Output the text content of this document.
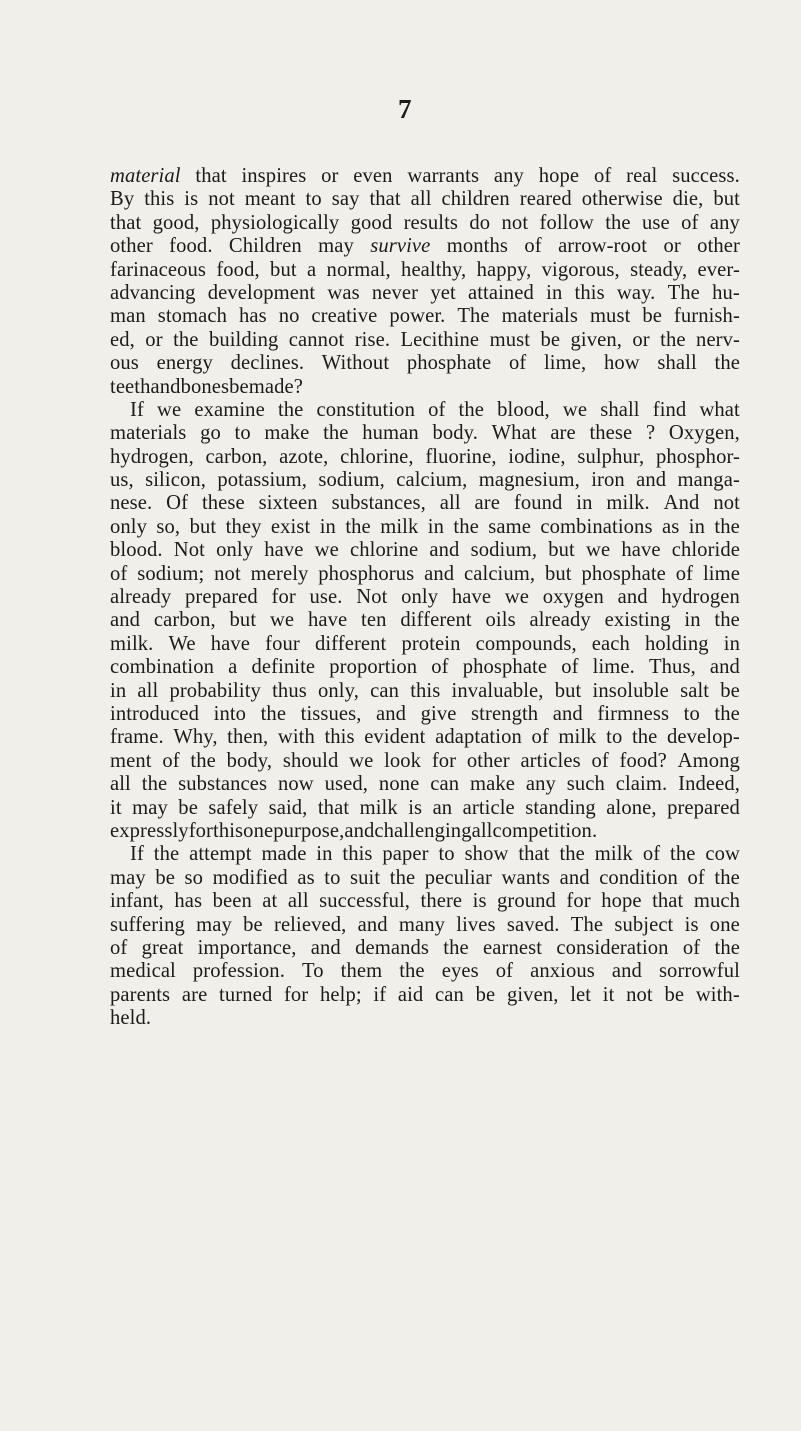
7
material that inspires or even warrants any hope of real success.
By this is not meant to say that all children reared otherwise die, but
that good, physiologically good results do not follow the use of any
other food. Children may survive months of arrow-root or other
farinaceous food, but a normal, healthy, happy, vigorous, steady, ever-
advancing development was never yet attained in this way. The hu-
man stomach has no creative power. The materials must be furnish-
ed, or the building cannot rise. Lecithine must be given, or the nerv-
ous energy declines. Without phosphate of lime, how shall the
teeth and bones be made?
If we examine the constitution of the blood, we shall find what
materials go to make the human body. What are these ? Oxygen,
hydrogen, carbon, azote, chlorine, fluorine, iodine, sulphur, phosphor-
us, silicon, potassium, sodium, calcium, magnesium, iron and manga-
nese. Of these sixteen substances, all are found in milk. And not
only so, but they exist in the milk in the same combinations as in the
blood. Not only have we chlorine and sodium, but we have chloride
of sodium; not merely phosphorus and calcium, but phosphate of lime
already prepared for use. Not only have we oxygen and hydrogen
and carbon, but we have ten different oils already existing in the
milk. We have four different protein compounds, each holding in
combination a definite proportion of phosphate of lime. Thus, and
in all probability thus only, can this invaluable, but insoluble salt be
introduced into the tissues, and give strength and firmness to the
frame. Why, then, with this evident adaptation of milk to the develop-
ment of the body, should we look for other articles of food? Among
all the substances now used, none can make any such claim. Indeed,
it may be safely said, that milk is an article standing alone, prepared
expressly for this one purpose, and challenging all competition.
If the attempt made in this paper to show that the milk of the cow
may be so modified as to suit the peculiar wants and condition of the
infant, has been at all successful, there is ground for hope that much
suffering may be relieved, and many lives saved. The subject is one
of great importance, and demands the earnest consideration of the
medical profession. To them the eyes of anxious and sorrowful
parents are turned for help; if aid can be given, let it not be with-
held.
